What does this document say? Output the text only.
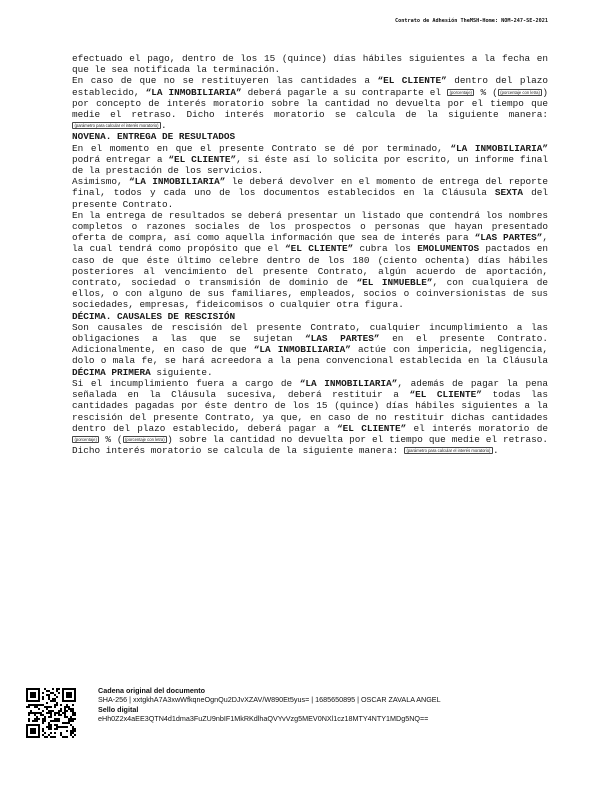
Contrato de Adhesión TheMSH-Home: NOM-247-SE-2021

efectuado el pago, dentro de los 15 (quince) días hábiles siguientes a la fecha en que le sea notificada la terminación.

En caso de que no se restituyeren las cantidades a “EL CLIENTE” dentro del plazo establecido, “LA INMOBILIARIA” deberá pagarle a su contraparte el (porcentaje) % ( (porcentaje con letra) ) por concepto de interés moratorio sobre la cantidad no devuelta por el tiempo que medie el retraso. Dicho interés moratorio se calcula de la siguiente manera: (parámetro para calcular el interés moratorio) .

NOVENA. ENTREGA DE RESULTADOS

En el momento en que el presente Contrato se dé por terminado, “LA INMOBILIARIA” podrá entregar a “EL CLIENTE”, si éste así lo solicita por escrito, un informe final de la prestación de los servicios.

Asimismo, “LA INMOBILIARIA” le deberá devolver en el momento de entrega del reporte final, todos y cada uno de los documentos establecidos en la Cláusula SEXTA del presente Contrato.

En la entrega de resultados se deberá presentar un listado que contendrá los nombres completos o razones sociales de los prospectos o personas que hayan presentado oferta de compra, así como aquella información que sea de interés para “LAS PARTES”, la cual tendrá como propósito que el “EL CLIENTE” cubra los EMOLUMENTOS pactados en caso de que éste último celebre dentro de los 180 (ciento ochenta) días hábiles posteriores al vencimiento del presente Contrato, algún acuerdo de aportación, contrato, sociedad o transmisión de dominio de “EL INMUEBLE”, con cualquiera de ellos, o con alguno de sus familiares, empleados, socios o coinversionistas de sus sociedades, empresas, fideicomisos o cualquier otra figura.

DÉCIMA. CAUSALES DE RESCISIÓN

Son causales de rescisión del presente Contrato, cualquier incumplimiento a las obligaciones a las que se sujetan “LAS PARTES” en el presente Contrato. Adicionalmente, en caso de que “LA INMOBILIARIA” actúe con impericia, negligencia, dolo o mala fe, se hará acreedora a la pena convencional establecida en la Cláusula DÉCIMA PRIMERA siguiente.

Si el incumplimiento fuera a cargo de “LA INMOBILIARIA”, además de pagar la pena señalada en la Cláusula sucesiva, deberá restituir a “EL CLIENTE” todas las cantidades pagadas por éste dentro de los 15 (quince) días hábiles siguientes a la rescisión del presente Contrato, ya que, en caso de no restituir dichas cantidades dentro del plazo establecido, deberá pagar a “EL CLIENTE” el interés moratorio de (porcentaje) % ( (porcentaje con letra) ) sobre la cantidad no devuelta por el tiempo que medie el retraso. Dicho interés moratorio se calcula de la siguiente manera: (parámetro para calcular el interés moratorio) .

Cadena original del documento
SHA-256 | xxtgkhA7A3xwWfkqneOgnQu2DJvXZAV/W890Et5yus= | 1685650895 | OSCAR ZAVALA ANGEL
Sello digital
eHh0Z2x4aEE3QTN4d1dma3FuZU9nbIF1MkRKdlhaQVYvVzg5MEV0NXl1cz18MTY4NTY1MDg5NQ==
